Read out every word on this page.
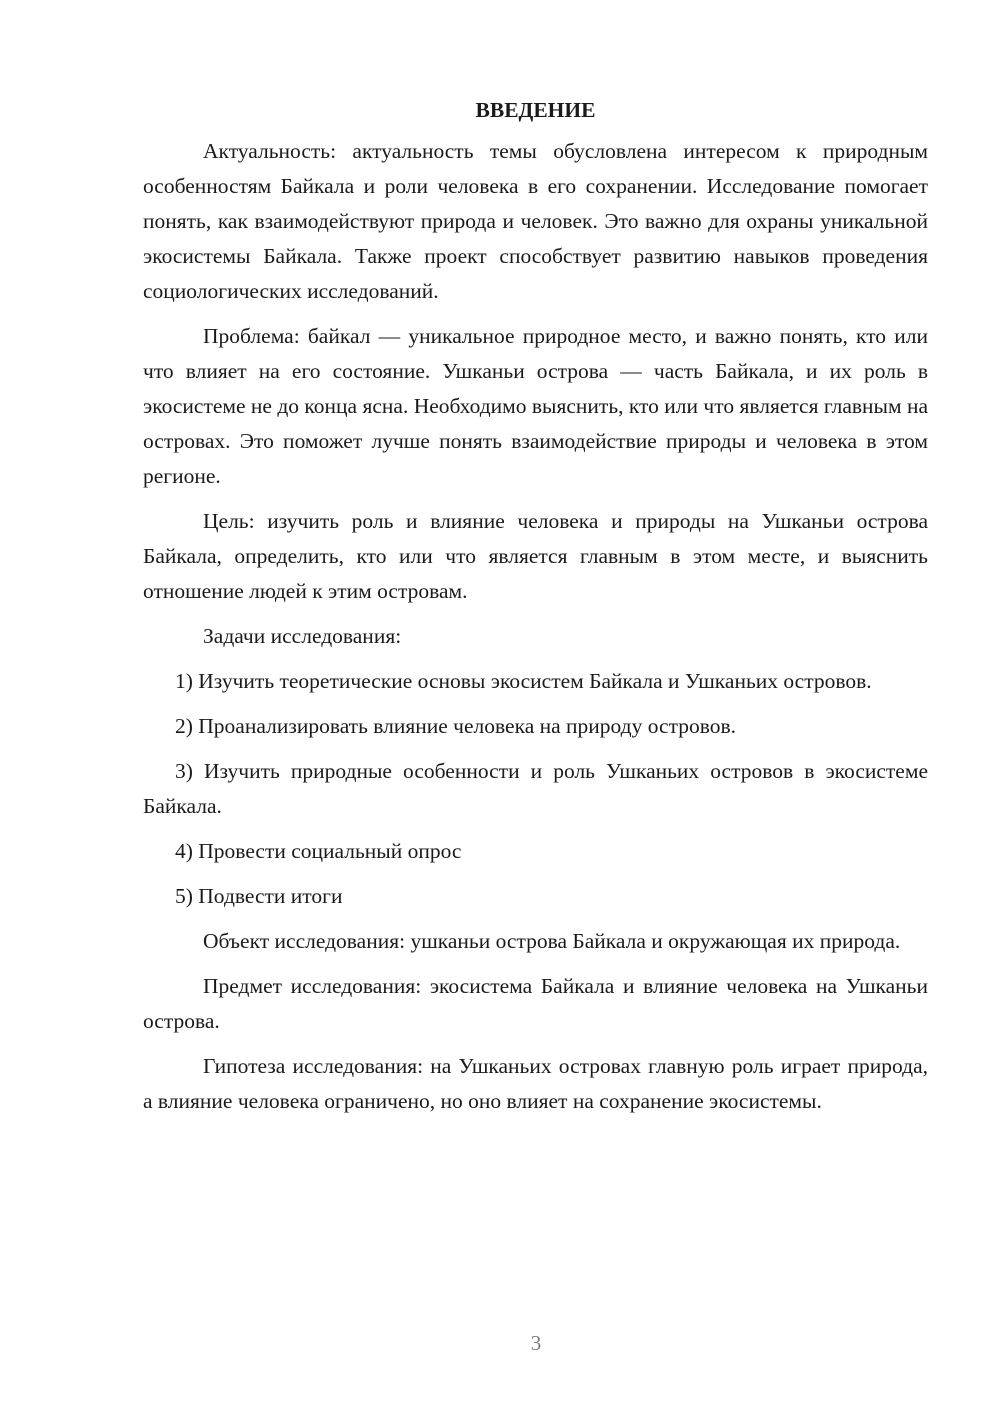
ВВЕДЕНИЕ

Актуальность: актуальность темы обусловлена интересом к природным особенностям Байкала и роли человека в его сохранении. Исследование помогает понять, как взаимодействуют природа и человек. Это важно для охраны уникальной экосистемы Байкала. Также проект способствует развитию навыков проведения социологических исследований.

Проблема: байкал — уникальное природное место, и важно понять, кто или что влияет на его состояние. Ушканьи острова — часть Байкала, и их роль в экосистеме не до конца ясна. Необходимо выяснить, кто или что является главным на островах. Это поможет лучше понять взаимодействие природы и человека в этом регионе.

Цель: изучить роль и влияние человека и природы на Ушканьи острова Байкала, определить, кто или что является главным в этом месте, и выяснить отношение людей к этим островам.

Задачи исследования:

1) Изучить теоретические основы экосистем Байкала и Ушканьих островов.

2) Проанализировать влияние человека на природу островов.

3) Изучить природные особенности и роль Ушканьих островов в экосистеме Байкала.

4) Провести социальный опрос

5) Подвести итоги

Объект исследования: ушканьи острова Байкала и окружающая их природа.

Предмет исследования: экосистема Байкала и влияние человека на Ушканьи острова.

Гипотеза исследования: на Ушканьих островах главную роль играет природа, а влияние человека ограничено, но оно влияет на сохранение экосистемы.

3
